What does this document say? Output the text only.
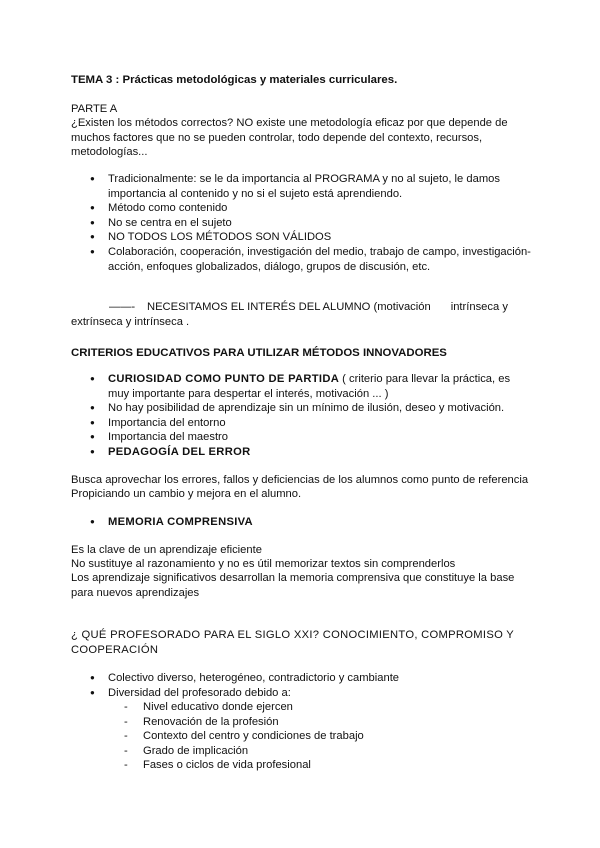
TEMA 3 : Prácticas metodológicas y materiales curriculares.

PARTE A

¿Existen los métodos correctos? NO existe une metodología eficaz por que depende de muchos factores que no se pueden controlar, todo depende del contexto, recursos, metodologías...

● Tradicionalmente: se le da importancia al PROGRAMA y no al sujeto, le damos importancia al contenido y no si el sujeto está aprendiendo.
● Método como contenido
● No se centra en el sujeto
● NO TODOS LOS MÉTODOS SON VÁLIDOS
● Colaboración, cooperación, investigación del medio, trabajo de campo, investigación-acción, enfoques globalizados, diálogo, grupos de discusión, etc.
——- NECESITAMOS EL INTERÉS DEL ALUMNO (motivación intrínseca y
extrínseca y intrínseca .
CRITERIOS EDUCATIVOS PARA UTILIZAR MÉTODOS INNOVADORES
● CURIOSIDAD COMO PUNTO DE PARTIDA ( criterio para llevar la práctica, es muy importante para despertar el interés, motivación ... )
● No hay posibilidad de aprendizaje sin un mínimo de ilusión, deseo y motivación.
● Importancia del entorno
● Importancia del maestro
● PEDAGOGÍA DEL ERROR

Busca aprovechar los errores, fallos y deficiencias de los alumnos como punto de referencia

Propiciando un cambio y mejora en el alumno.

● MEMORIA COMPRENSIVA

Es la clave de un aprendizaje eficiente

No sustituye al razonamiento y no es útil memorizar textos sin comprenderlos

Los aprendizaje significativos desarrollan la memoria comprensiva que constituye la base para nuevos aprendizajes

¿ QUÉ PROFESORADO PARA EL SIGLO XXI? CONOCIMIENTO, COMPROMISO Y COOPERACIÓN

● Colectivo diverso, heterogéneo, contradictorio y cambiante
● Diversidad del profesorado debido a:
- Nivel educativo donde ejercen
- Renovación de la profesión
- Contexto del centro y condiciones de trabajo
- Grado de implicación
- Fases o ciclos de vida profesional
